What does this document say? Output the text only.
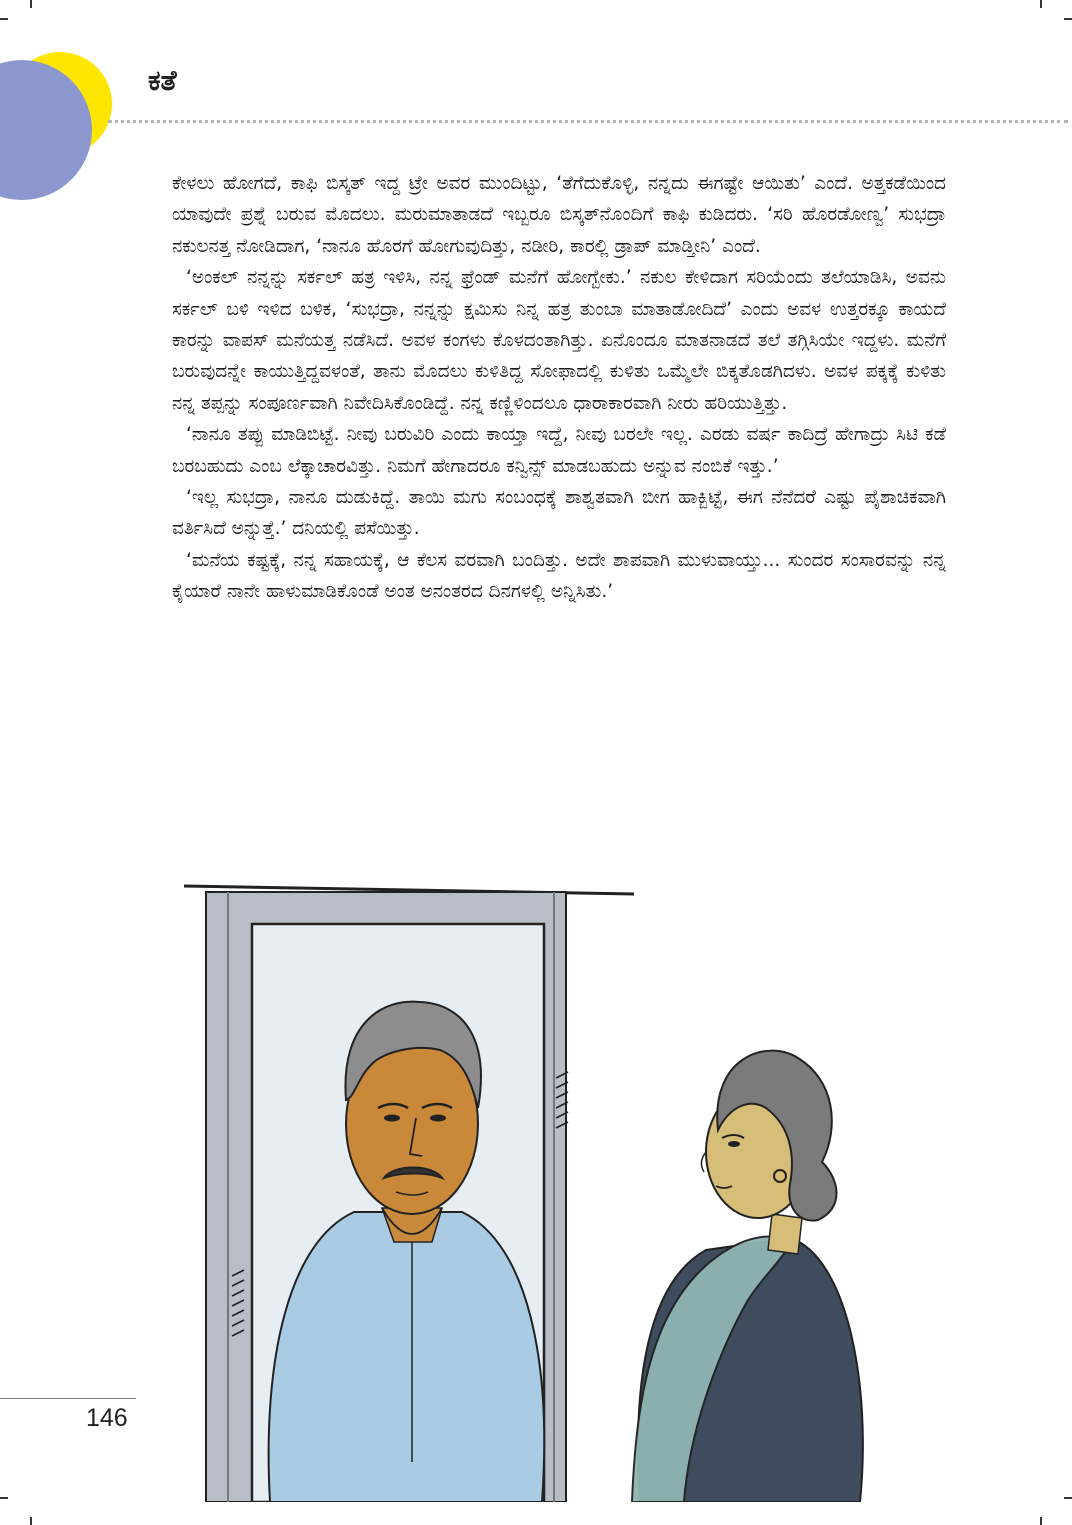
ಕತೆ

ಕೇಳಲು ಹೋಗದೆ, ಕಾಫಿ ಬಿಸ್ಕತ್ ಇದ್ದ ಟ್ರೇ ಅವರ ಮುಂದಿಟ್ಟು, ‘ತೆಗೆದುಕೊಳ್ಳಿ, ನನ್ನದು ಈಗಷ್ಟೇ ಆಯಿತು’ ಎಂದೆ. ಅತ್ತಕಡೆಯಿಂದ ಯಾವುದೇ ಪ್ರಶ್ನೆ ಬರುವ ಮೊದಲು. ಮರುಮಾತಾಡದೆ ಇಬ್ಬರೂ ಬಿಸ್ಕತ್‌ನೊಂದಿಗೆ ಕಾಫಿ ಕುಡಿದರು. ‘ಸರಿ ಹೊರಡೋಣ್ವ’ ಸುಭದ್ರಾ ನಕುಲನತ್ತ ನೋಡಿದಾಗ, ‘ನಾನೂ ಹೊರಗೆ ಹೋಗುವುದಿತ್ತು, ನಡೀರಿ, ಕಾರಲ್ಲಿ ಡ್ರಾಪ್ ಮಾಡ್ತೀನಿ’ ಎಂದೆ.

‘ಅಂಕಲ್ ನನ್ನನ್ನು ಸರ್ಕಲ್ ಹತ್ರ ಇಳಿಸಿ, ನನ್ನ ಫ್ರೆಂಡ್ ಮನೆಗೆ ಹೋಗ್ಬೇಕು.’ ನಕುಲ ಕೇಳಿದಾಗ ಸರಿಯೆಂದು ತಲೆಯಾಡಿಸಿ, ಅವನು ಸರ್ಕಲ್ ಬಳಿ ಇಳಿದ ಬಳಿಕ, ‘ಸುಭದ್ರಾ, ನನ್ನನ್ನು ಕ್ಷಮಿಸು ನಿನ್ನ ಹತ್ರ ತುಂಬಾ ಮಾತಾಡೋದಿದೆ’ ಎಂದು ಅವಳ ಉತ್ತರಕ್ಕೂ ಕಾಯದೆ ಕಾರನ್ನು ವಾಪಸ್ ಮನೆಯತ್ತ ನಡೆಸಿದೆ. ಅವಳ ಕಂಗಳು ಕೊಳದಂತಾಗಿತ್ತು. ಏನೊಂದೂ ಮಾತನಾಡದೆ ತಲೆ ತಗ್ಗಿಸಿಯೇ ಇದ್ದಳು. ಮನೆಗೆ ಬರುವುದನ್ನೇ ಕಾಯುತ್ತಿದ್ದವಳಂತೆ, ತಾನು ಮೊದಲು ಕುಳಿತಿದ್ದ ಸೋಫಾದಲ್ಲಿ ಕುಳಿತು ಒಮ್ಮೆಲೇ ಬಿಕ್ಕತೊಡಗಿದಳು. ಅವಳ ಪಕ್ಕಕ್ಕೆ ಕುಳಿತು ನನ್ನ ತಪ್ಪನ್ನು ಸಂಪೂರ್ಣವಾಗಿ ನಿವೇದಿಸಿಕೊಂಡಿದ್ದೆ. ನನ್ನ ಕಣ್ಣಿಳಿಂದಲೂ ಧಾರಾಕಾರವಾಗಿ ನೀರು ಹರಿಯುತ್ತಿತ್ತು.

‘ನಾನೂ ತಪ್ಪು ಮಾಡಿಬಿಟ್ಟೆ. ನೀವು ಬರುವಿರಿ ಎಂದು ಕಾಯ್ತಾ ಇದ್ದೆ, ನೀವು ಬರಲೇ ಇಲ್ಲ. ಎರಡು ವರ್ಷ ಕಾದಿದ್ರೆ ಹೇಗಾದ್ರು ಸಿಟಿ ಕಡೆ ಬರಬಹುದು ಎಂಬ ಲೆಕ್ಕಾಚಾರವಿತ್ತು. ನಿಮಗೆ ಹೇಗಾದರೂ ಕನ್ವಿನ್ಸ್ ಮಾಡಬಹುದು ಅನ್ನುವ ನಂಬಿಕೆ ಇತ್ತು.’

‘ಇಲ್ಲ ಸುಭದ್ರಾ, ನಾನೂ ದುಡುಕಿದ್ದೆ. ತಾಯಿ ಮಗು ಸಂಬಂಧಕ್ಕೆ ಶಾಶ್ವತವಾಗಿ ಬೀಗ ಹಾಕ್ಬಿಟ್ಟೆ, ಈಗ ನೆನೆದರೆ ಎಷ್ಟು ಪೈಶಾಚಿಕವಾಗಿ ವರ್ತಿಸಿದೆ ಅನ್ನುತ್ತೆ.’ ದನಿಯಲ್ಲಿ ಪಸೆಯಿತ್ತು.

‘ಮನೆಯ ಕಷ್ಟಕ್ಕೆ, ನನ್ನ ಸಹಾಯಕ್ಕೆ, ಆ ಕೆಲಸ ವರವಾಗಿ ಬಂದಿತ್ತು. ಅದೇ ಶಾಪವಾಗಿ ಮುಳುವಾಯ್ತು... ಸುಂದರ ಸಂಸಾರವನ್ನು ನನ್ನ ಕೈಯಾರೆ ನಾನೇ ಹಾಳುಮಾಡಿಕೊಂಡೆ ಅಂತ ಅನಂತರದ ದಿನಗಳಲ್ಲಿ ಅನ್ನಿಸಿತು.’

146
